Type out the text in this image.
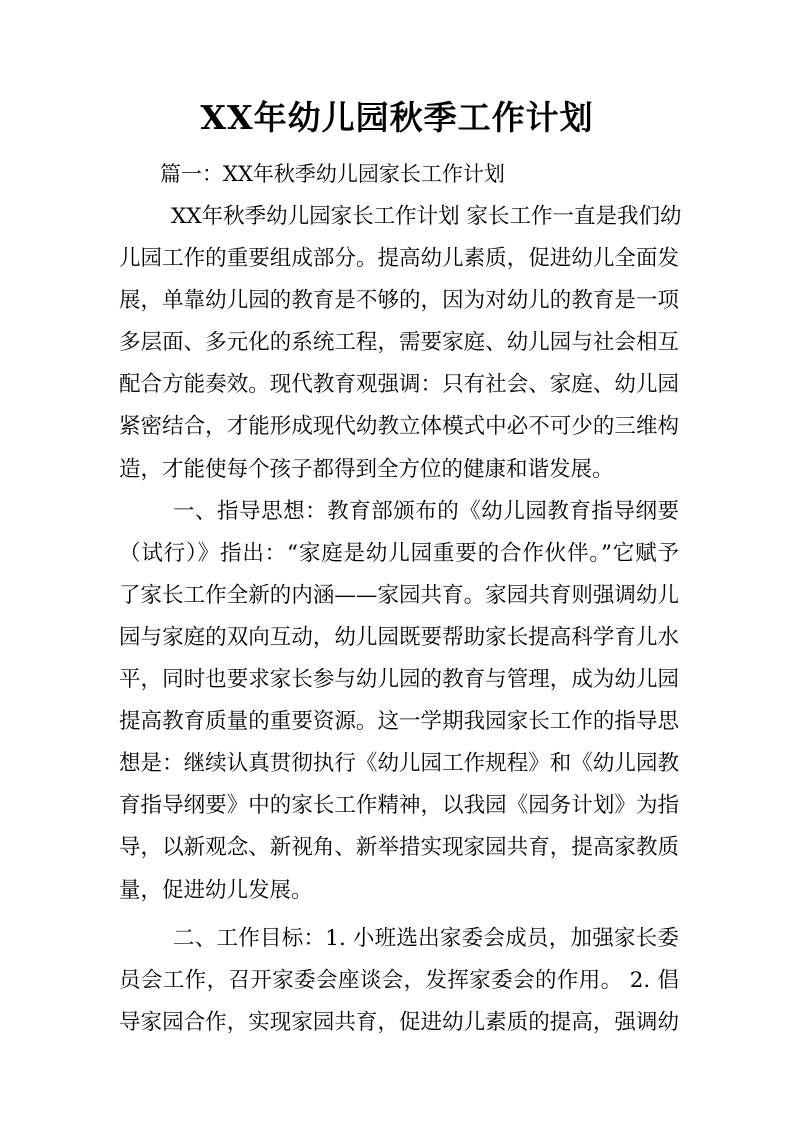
XX年幼儿园秋季工作计划
篇一：XX年秋季幼儿园家长工作计划
XX年秋季幼儿园家长工作计划 家长工作一直是我们幼
儿园工作的重要组成部分。提高幼儿素质，促进幼儿全面发
展，单靠幼儿园的教育是不够的，因为对幼儿的教育是一项
多层面、多元化的系统工程，需要家庭、幼儿园与社会相互
配合方能奏效。现代教育观强调：只有社会、家庭、幼儿园
紧密结合，才能形成现代幼教立体模式中必不可少的三维构
造，才能使每个孩子都得到全方位的健康和谐发展。
一、指导思想：教育部颁布的《幼儿园教育指导纲要
（试行）》指出：“家庭是幼儿园重要的合作伙伴。”它赋予
了家长工作全新的内涵——家园共育。家园共育则强调幼儿
园与家庭的双向互动，幼儿园既要帮助家长提高科学育儿水
平，同时也要求家长参与幼儿园的教育与管理，成为幼儿园
提高教育质量的重要资源。这一学期我园家长工作的指导思
想是：继续认真贯彻执行《幼儿园工作规程》和《幼儿园教
育指导纲要》中的家长工作精神，以我园《园务计划》为指
导，以新观念、新视角、新举措实现家园共育，提高家教质
量，促进幼儿发展。
二、工作目标：1. 小班选出家委会成员，加强家长委
员会工作，召开家委会座谈会，发挥家委会的作用。 2. 倡
导家园合作，实现家园共育，促进幼儿素质的提高，强调幼
